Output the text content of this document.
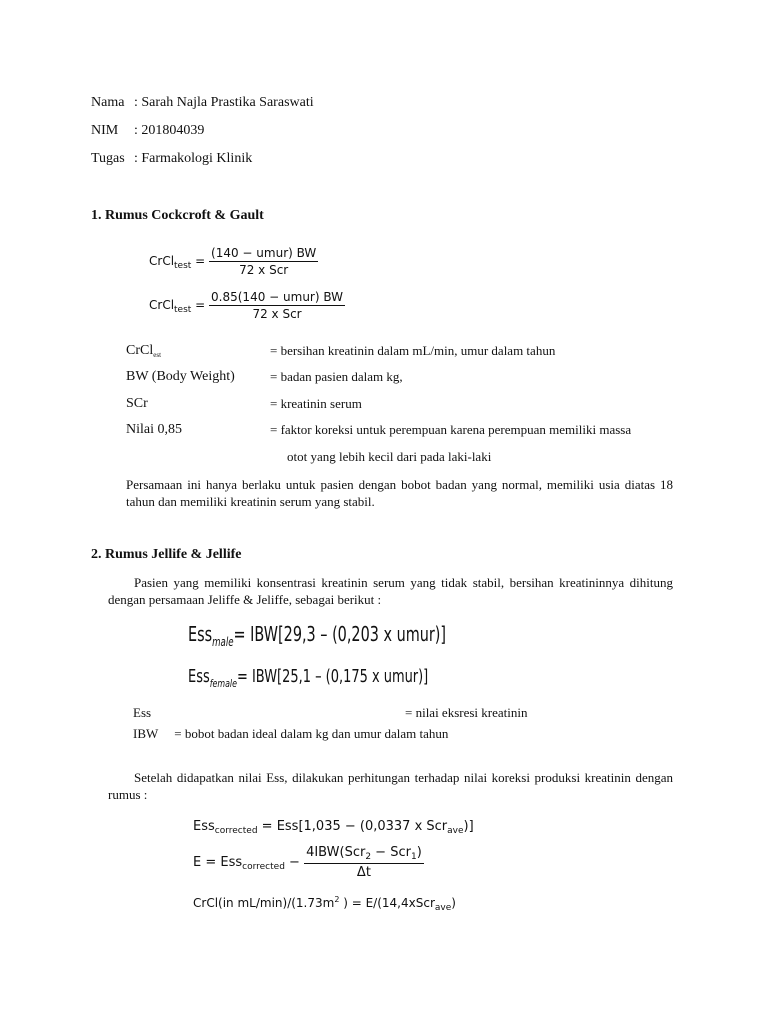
Nama : Sarah Najla Prastika Saraswati
NIM : 201804039
Tugas : Farmakologi Klinik
1. Rumus Cockcroft & Gault
CrCl$_{test}$ = $\frac{\text{(140 − umur) BW}}{\text{72 x Scr}}$
CrCl$_{test}$ = $\frac{\text{0.85(140 − umur) BW}}{\text{72 x Scr}}$
CrCl$_{est}$	= bersihan kreatinin dalam mL/min, umur dalam tahun
BW (Body Weight)	= badan pasien dalam kg,
SCr	= kreatinin serum
Nilai 0,85	= faktor koreksi untuk perempuan karena perempuan memiliki massa
otot yang lebih kecil dari pada laki-laki
Persamaan ini hanya berlaku untuk pasien dengan bobot badan yang normal, memiliki usia diatas 18 tahun dan memiliki kreatinin serum yang stabil.
2. Rumus Jellife & Jellife
Pasien yang memiliki konsentrasi kreatinin serum yang tidak stabil, bersihan kreatininnya dihitung dengan persamaan Jeliffe & Jeliffe, sebagai berikut :
Ess$_{male}$= IBW[29,3 – (0,203 x umur)]
Ess$_{female}$= IBW[25,1 – (0,175 x umur)]
Ess	= nilai eksresi kreatinin
IBW     = bobot badan ideal dalam kg dan umur dalam tahun
Setelah didapatkan nilai Ess, dilakukan perhitungan terhadap nilai koreksi produksi kreatinin dengan rumus :
Ess$_{corrected}$ = Ess[1,035 − (0,0337 x Scr$_{ave}$)]
$E = Ess_{corrected} - \frac{4IBW(Scr_2 - Scr_1)}{\Delta t}$
CrCl(in $mL/\min)/(1.73m^2$ ) = E/(14,4xScr$_{ave}$)
